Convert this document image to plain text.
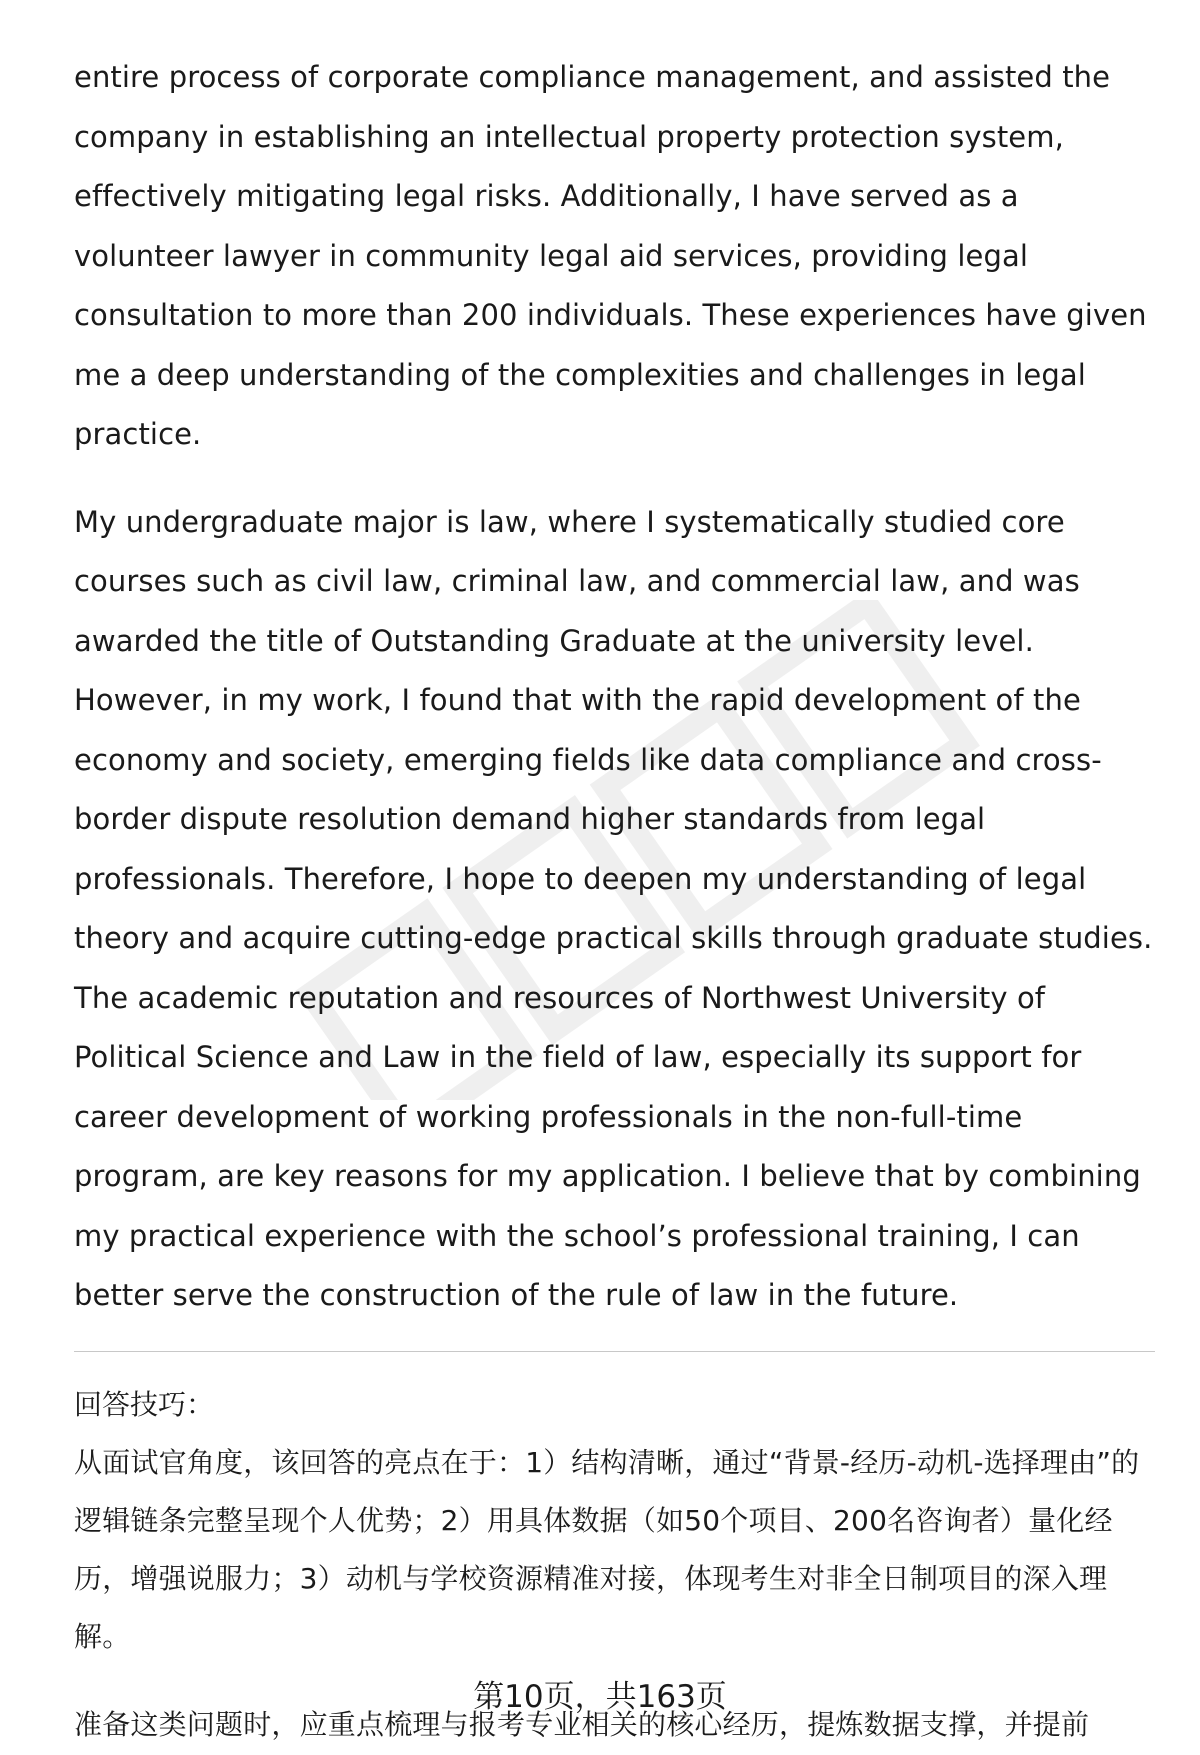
entire process of corporate compliance management, and assisted the company in establishing an intellectual property protection system, effectively mitigating legal risks. Additionally, I have served as a volunteer lawyer in community legal aid services, providing legal consultation to more than 200 individuals. These experiences have given me a deep understanding of the complexities and challenges in legal practice.

My undergraduate major is law, where I systematically studied core courses such as civil law, criminal law, and commercial law, and was awarded the title of Outstanding Graduate at the university level. However, in my work, I found that with the rapid development of the economy and society, emerging fields like data compliance and cross-border dispute resolution demand higher standards from legal professionals. Therefore, I hope to deepen my understanding of legal theory and acquire cutting-edge practical skills through graduate studies. The academic reputation and resources of Northwest University of Political Science and Law in the field of law, especially its support for career development of working professionals in the non-full-time program, are key reasons for my application. I believe that by combining my practical experience with the school’s professional training, I can better serve the construction of the rule of law in the future.

回答技巧：

从面试官角度，该回答的亮点在于：1）结构清晰，通过“背景-经历-动机-选择理由”的逻辑链条完整呈现个人优势；2）用具体数据（如50个项目、200名咨询者）量化经历，增强说服力；3）动机与学校资源精准对接，体现考生对非全日制项目的深入理解。

准备这类问题时，应重点梳理与报考专业相关的核心经历，提炼数据支撑，并提前

第10页，共163页
